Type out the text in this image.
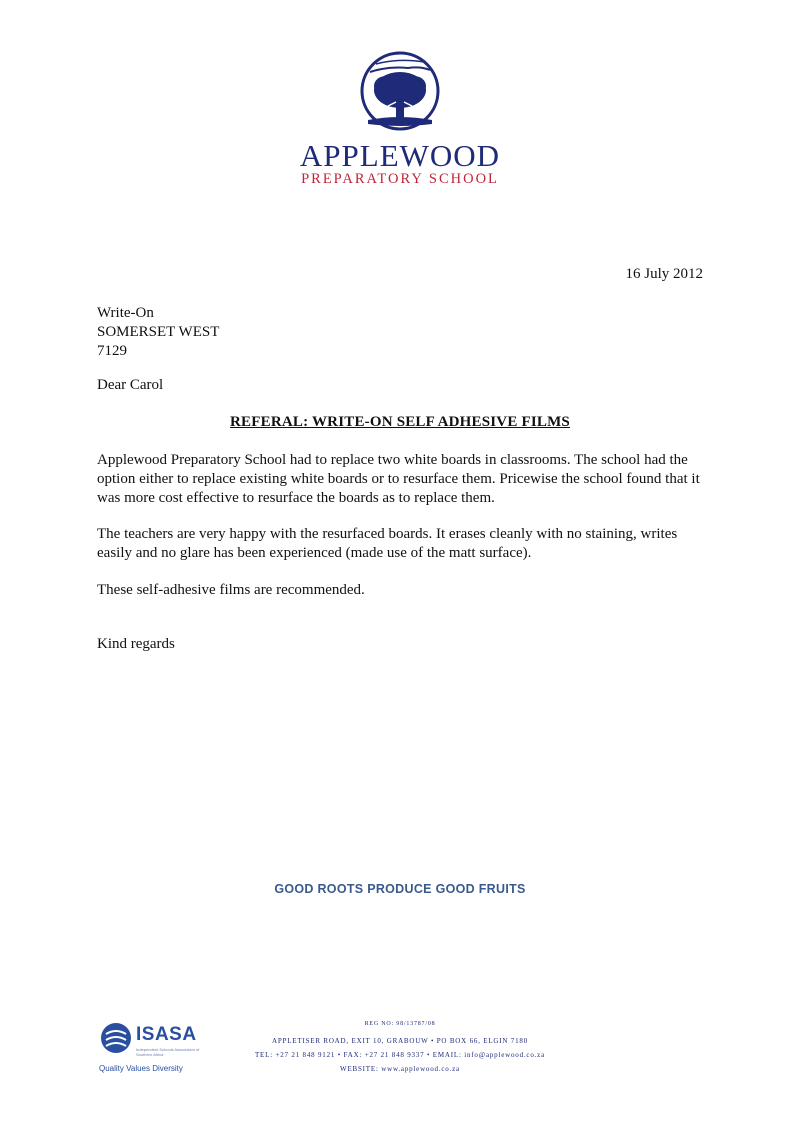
APPLEWOOD
PREPARATORY SCHOOL
16 July 2012
Write-On
SOMERSET WEST
7129
Dear Carol
REFERAL: WRITE-ON SELF ADHESIVE FILMS

Applewood Preparatory School had to replace two white boards in classrooms. The school had the option either to replace existing white boards or to resurface them. Pricewise the school found that it was more cost effective to resurface the boards as to replace them.

The teachers are very happy with the resurfaced boards. It erases cleanly with no staining, writes easily and no glare has been experienced (made use of the matt surface).

These self-adhesive films are recommended.

Kind regards
GOOD ROOTS PRODUCE GOOD FRUITS
ISASA
Independent Schools Association of Southern Africa
Quality Values Diversity
REG NO: 98/13787/08
APPLETISER ROAD, EXIT 10, GRABOUW • PO BOX 66, ELGIN 7180
TEL: +27 21 848 9121 • FAX: +27 21 848 9337 • EMAIL: info@applewood.co.za
WEBSITE: www.applewood.co.za
